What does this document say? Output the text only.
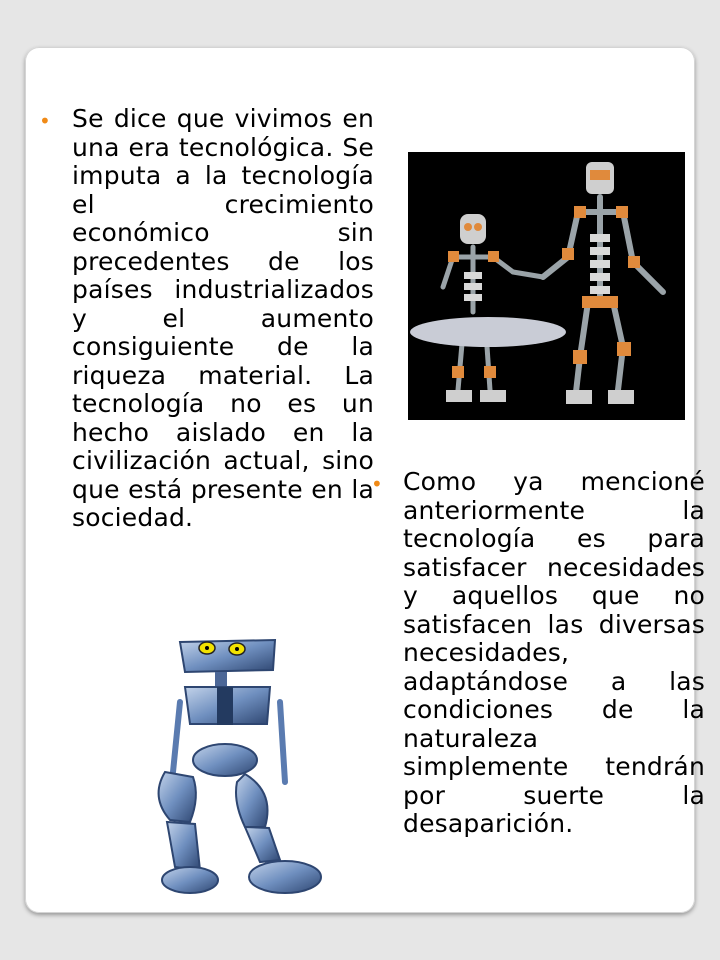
• Se dice que vivimos en una era tecnológica. Se imputa a la tecnología el crecimiento económico sin precedentes de los países industrializados y el aumento consiguiente de la riqueza material. La tecnología no es un hecho aislado en la civilización actual, sino que está presente en la sociedad.
• Como ya mencioné anteriormente la tecnología es para satisfacer necesidades y aquellos que no satisfacen las diversas necesidades, adaptándose a las condiciones de la naturaleza simplemente tendrán por suerte la desaparición.
